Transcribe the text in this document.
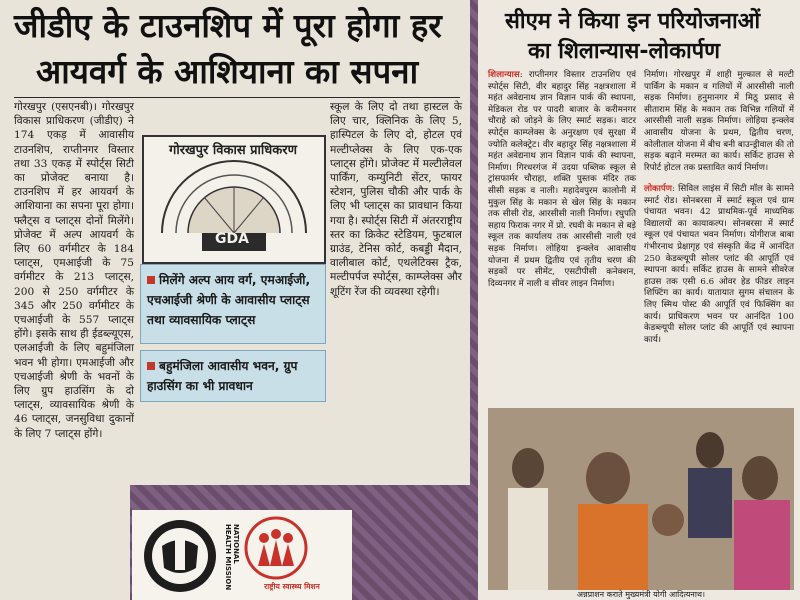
जीडीए के टाउनशिप में पूरा होगा हर
आयवर्ग के आशियाना का सपना
गोरखपुर (एसएनबी)। गोरखपुर विकास प्राधिकरण (जीडीए) ने 174 एकड़ में आवासीय टाउनशिप, राप्तीनगर विस्तार तथा 33 एकड़ में स्पोर्ट्स सिटी का प्रोजेक्ट बनाया है। टाउनशिप में हर आयवर्ग के आशियाना का सपना पूरा होगा। फ्लैट्स व प्लाट्स दोनों मिलेंगे। प्रोजेक्ट में अल्प आयवर्ग के लिए 60 वर्गमीटर के 184 प्लाट्स, एमआईजी के 75 वर्गमीटर के 213 प्लाट्स, 200 से 250 वर्गमीटर के 345 और 250 वर्गमीटर के एचआईजी के 557 प्लाट्स होंगे। इसके साथ ही ईडब्ल्यूएस, एलआईजी के लिए बहुमंजिला भवन भी होगा। एमआईजी और एचआईजी श्रेणी के भवनों के लिए ग्रुप हाउसिंग के दो प्लाट्स, व्यावसायिक श्रेणी के 46 प्लाट्स, जनसुविधा दुकानों के लिए 7 प्लाट्स होंगे।
गोरखपुर विकास प्राधिकरण
GDA
स्कूल के लिए दो तथा हास्टल के लिए चार, क्लिनिक के लिए 5, हास्पिटल के लिए दो, होटल एवं मल्टीप्लेक्स के लिए एक-एक प्लाट्स होंगे। प्रोजेक्ट में मल्टीलेवल पार्किंग, कम्युनिटी सेंटर, फायर स्टेशन, पुलिस चौकी और पार्क के लिए भी प्लाट्स का प्रावधान किया गया है। स्पोर्ट्स सिटी में अंतरराष्ट्रीय स्तर का क्रिकेट स्टेडियम, फुटबाल ग्राउंड, टेनिस कोर्ट, कबड्डी मैदान, वालीबाल कोर्ट, एथलेटिक्स ट्रैक, मल्टीपर्पज स्पोर्ट्स, काम्प्लेक्स और शूटिंग रेंज की व्यवस्था रहेगी।
मिलेंगे अल्प आय वर्ग, एमआईजी, एचआईजी श्रेणी के आवासीय प्लाट्स तथा व्यावसायिक प्लाट्स
बहुमंजिला आवासीय भवन, ग्रुप हाउसिंग का भी प्रावधान
NATIONAL HEALTH MISSION	राष्ट्रीय स्वास्थ्य मिशन
सीएम ने किया इन परियोजनाओं
का शिलान्यास-लोकार्पण
शिलान्यास: राप्तीनगर विस्तार टाउनशिप एवं स्पोर्ट्स सिटी, वीर बहादुर सिंह नक्षत्रशाला में महंत अवेद्यनाथ ज्ञान विज्ञान पार्क की स्थापना, मेडिकल रोड पर पादरी बाजार के करीमनगर चौराहे को जोड़ने के लिए स्मार्ट सड़क। वाटर स्पोर्ट्स काम्प्लेक्स के अनुरक्षण एवं सुरक्षा में ज्योति कलेक्ट्रेट। वीर बहादुर सिंह नक्षत्रशाला में महंत अवेद्यनाथ ज्ञान विज्ञान पार्क की स्थापना, निर्माण। गिरधरगंज में उदया पब्लिक स्कूल से ट्रांसफार्मर चौराहा, शक्ति पुस्तक मंदिर तक सीसी सड़क व नाली। महादेवपुरम कालोनी में मुकुल सिंह के मकान से खेल सिंह के मकान तक सीसी रोड, आरसीसी नाली निर्माण। रघुपति सहाय फिराक नगर में प्रो. रघवी के मकान से बड़े स्कूल तक कार्यालय तक आरसीसी नाली एवं सड़क निर्माण। लोहिया इन्क्लेव आवासीय योजना में प्रथम द्वितीय एवं तृतीय चरण की सड़कों पर सीमेंट, एसटीपीसी कनेक्शन, दिव्यनगर में नाली व सीवर लाइन निर्माण।
निर्माण। गोरखपुर में शाही मुल्काल से मल्टी पार्किंग के मकान व गलियों में आरसीसी नाली सड़क निर्माण। हनुमानगर में मिठू प्रसाद से सीताराम सिंह के मकान तक विभिन्न गलियों में आरसीसी नाली सड़क निर्माण। लोहिया इन्क्लेव आवासीय योजना के प्रथम, द्वितीय चरण, कोलीताल योजना में बीच बनी बाउन्ड्रीवाल की तो सड़क बढ़ाने मरम्मत का कार्य। सर्किट हाउस से रिपोर्ट होटल तक प्रस्तावित कार्य निर्माण।
लोकार्पण: सिविल लाइंस में सिटी मॉल के सामने स्मार्ट रोड। सोनबरसा में स्मार्ट स्कूल एवं ग्राम पंचायत भवन। 42 प्राथमिक-पूर्व माध्यमिक विद्यालयों का कायाकल्प। सोनबरसा में स्मार्ट स्कूल एवं पंचायत भवन निर्माण। योगीराज बाबा गंभीरनाथ प्रेक्षागृह एवं संस्कृति केंद्र में आनंदित 250 केडब्ल्यूपी सोलर प्लांट की आपूर्ति एवं स्थापना कार्य। सर्किट हाउस के सामने सीवरेज हाउस तक एसी 6.6 ओवर हेड फीडर लाइन शिफ्टिंग का कार्य। यातायात सुगम संचालन के लिए स्मिथ पोस्ट की आपूर्ति एवं फिक्सिंग का कार्य। प्राधिकरण भवन पर आनंदित 100 केडब्ल्यूपी सोलर प्लांट की आपूर्ति एवं स्थापना कार्य।
अन्नप्राशन कराते मुख्यमंत्री योगी आदित्यनाथ।
